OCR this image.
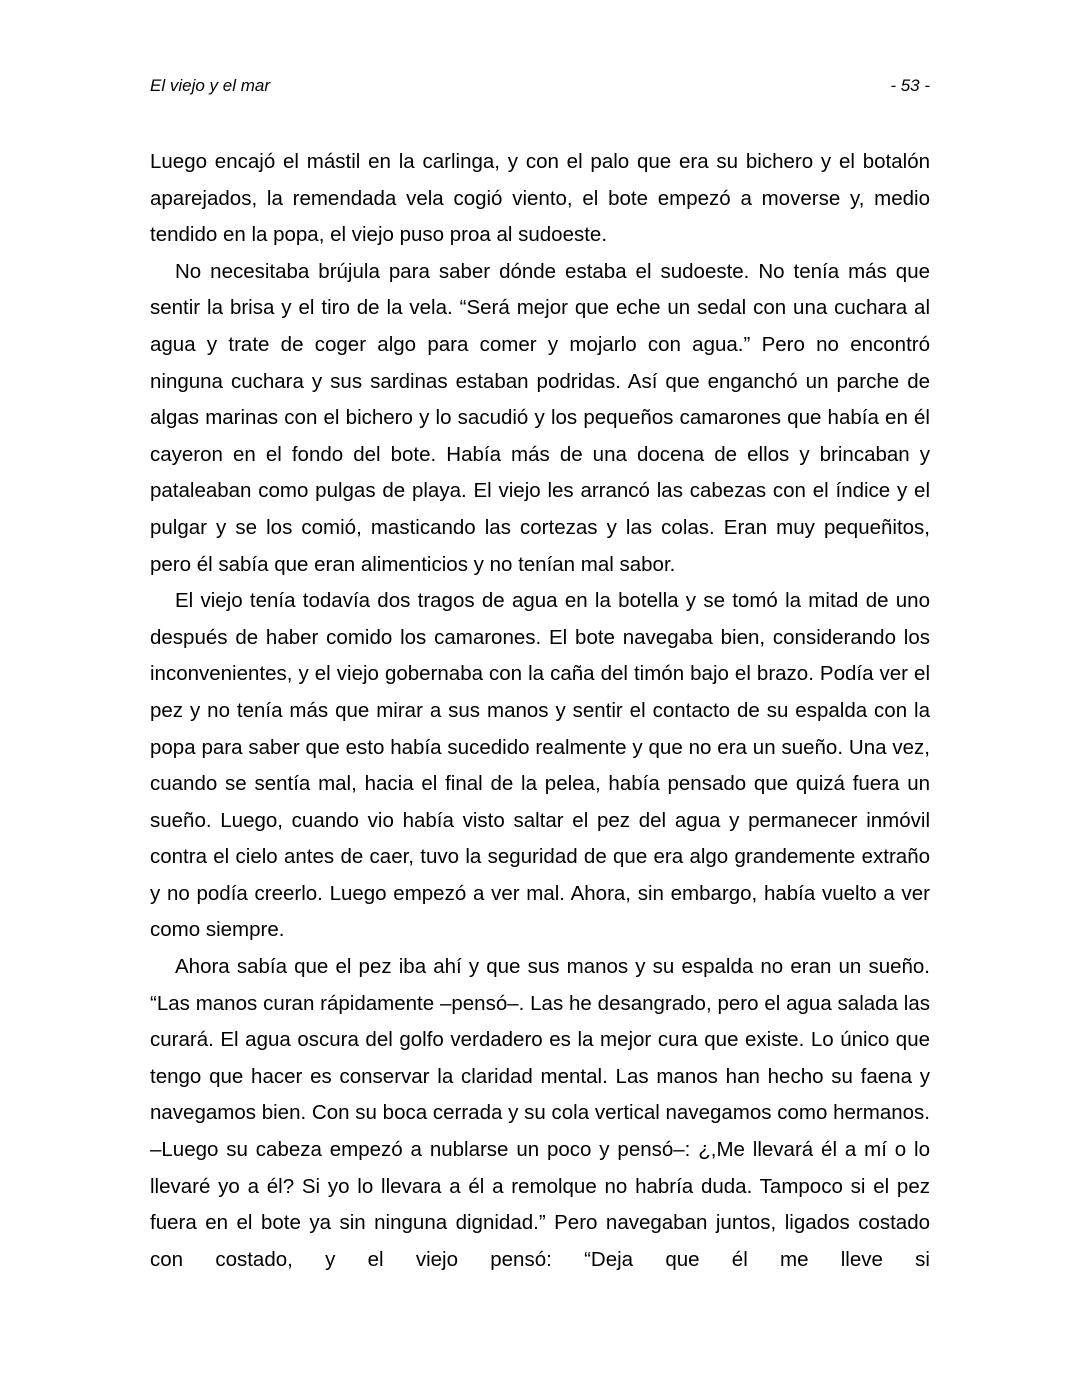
El viejo y el mar	- 53 -

Luego encajó el mástil en la carlinga, y con el palo que era su bichero y el botalón aparejados, la remendada vela cogió viento, el bote empezó a moverse y, medio tendido en la popa, el viejo puso proa al sudoeste.

No necesitaba brújula para saber dónde estaba el sudoeste. No tenía más que sentir la brisa y el tiro de la vela. “Será mejor que eche un sedal con una cuchara al agua y trate de coger algo para comer y mojarlo con agua.” Pero no encontró ninguna cuchara y sus sardinas estaban podridas. Así que enganchó un parche de algas marinas con el bichero y lo sacudió y los pequeños camarones que había en él cayeron en el fondo del bote. Había más de una docena de ellos y brincaban y pataleaban como pulgas de playa. El viejo les arrancó las cabezas con el índice y el pulgar y se los comió, masticando las cortezas y las colas. Eran muy pequeñitos, pero él sabía que eran alimenticios y no tenían mal sabor.

El viejo tenía todavía dos tragos de agua en la botella y se tomó la mitad de uno después de haber comido los camarones. El bote navegaba bien, considerando los inconvenientes, y el viejo gobernaba con la caña del timón bajo el brazo. Podía ver el pez y no tenía más que mirar a sus manos y sentir el contacto de su espalda con la popa para saber que esto había sucedido realmente y que no era un sueño. Una vez, cuando se sentía mal, hacia el final de la pelea, había pensado que quizá fuera un sueño. Luego, cuando vio había visto saltar el pez del agua y permanecer inmóvil contra el cielo antes de caer, tuvo la seguridad de que era algo grandemente extraño y no podía creerlo. Luego empezó a ver mal. Ahora, sin embargo, había vuelto a ver como siempre.

Ahora sabía que el pez iba ahí y que sus manos y su espalda no eran un sueño. “Las manos curan rápidamente –pensó–. Las he desangrado, pero el agua salada las curará. El agua oscura del golfo verdadero es la mejor cura que existe. Lo único que tengo que hacer es conservar la claridad mental. Las manos han hecho su faena y navegamos bien. Con su boca cerrada y su cola vertical navegamos como hermanos. –Luego su cabeza empezó a nublarse un poco y pensó–: ¿,Me llevará él a mí o lo llevaré yo a él? Si yo lo llevara a él a remolque no habría duda. Tampoco si el pez fuera en el bote ya sin ninguna dignidad.” Pero navegaban juntos, ligados costado con costado, y el viejo pensó: “Deja que él me lleve si
